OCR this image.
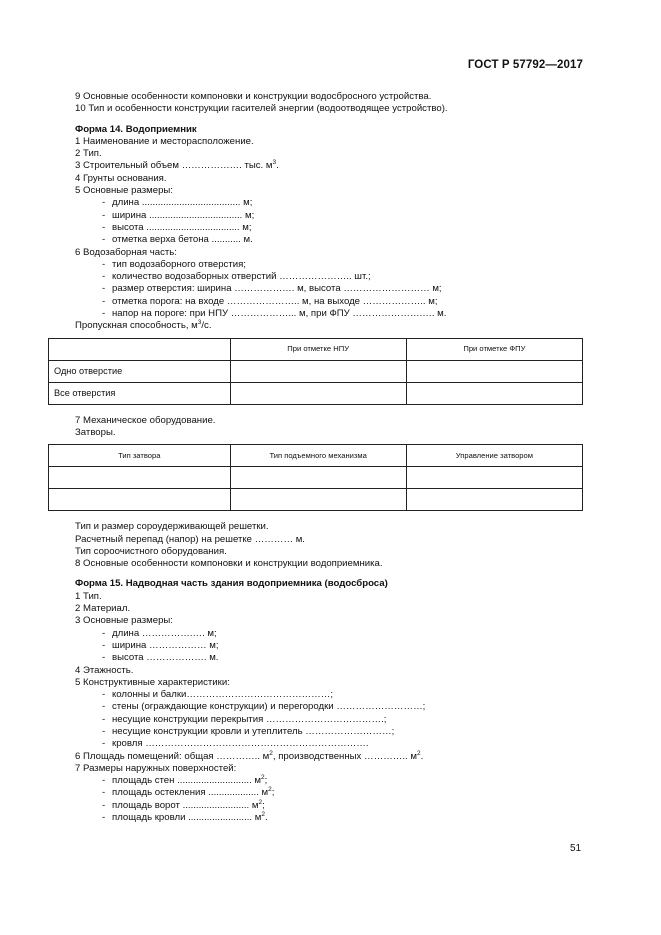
ГОСТ Р 57792—2017
9 Основные особенности компоновки и конструкции водосбросного устройства.
10 Тип и особенности конструкции гасителей энергии (водоотводящее устройство).
Форма 14. Водоприемник
1 Наименование и месторасположение.
2 Тип.
3 Строительный объем ………………. тыс. $м^3$.
4 Грунты основания.
5 Основные размеры:
- длина ..................................... м;
- ширина ................................... м;
- высота ................................... м;
- отметка верха бетона ........... м.
6 Водозаборная часть:
- тип водозаборного отверстия;
- количество водозаборных отверстий ………………….. шт.;
- размер отверстия: ширина ………………. м, высота ……………………… м;
- отметка порога: на входе ………………….. м, на выходе ……………….. м;
- напор на пороге: при НПУ ………………... м, при ФПУ ………………….…. м.
Пропускная способность, $м^3/с$.
	При отметке НПУ	При отметке ФПУ
Одно отверстие		
Все отверстия		
7 Механическое оборудование.
Затворы.
Тип затвора	Тип подъемного механизма	Управление затвором

Тип и размер сороудерживающей решетки.
Расчетный перепад (напор) на решетке ………… м.
Тип сороочистного оборудования.
8 Основные особенности компоновки и конструкции водоприемника.
Форма 15. Надводная часть здания водоприемника (водосброса)
1 Тип.
2 Материал.
3 Основные размеры:
- длина …………….…. м;
- ширина ……………… м;
- высота ………………. м.
4 Этажность.
5 Конструктивные характеристики:
- колонны и балки………………………………………;
- стены (ограждающие конструкции) и перегородки ………………………;
- несущие конструкции перекрытия ……………………………….;
- несущие конструкции кровли и утеплитель ………………………;
- кровля …………………………………………………………….
6 Площадь помещений: общая ………….. $м^2$, производственных ………….. $м^2$.
7 Размеры наружных поверхностей:
- площадь стен ............................ $м^2$;
- площадь остекления ................... $м^2$;
- площадь ворот ......................... $м^2$;
- площадь кровли ........................ $м^2$.
51
